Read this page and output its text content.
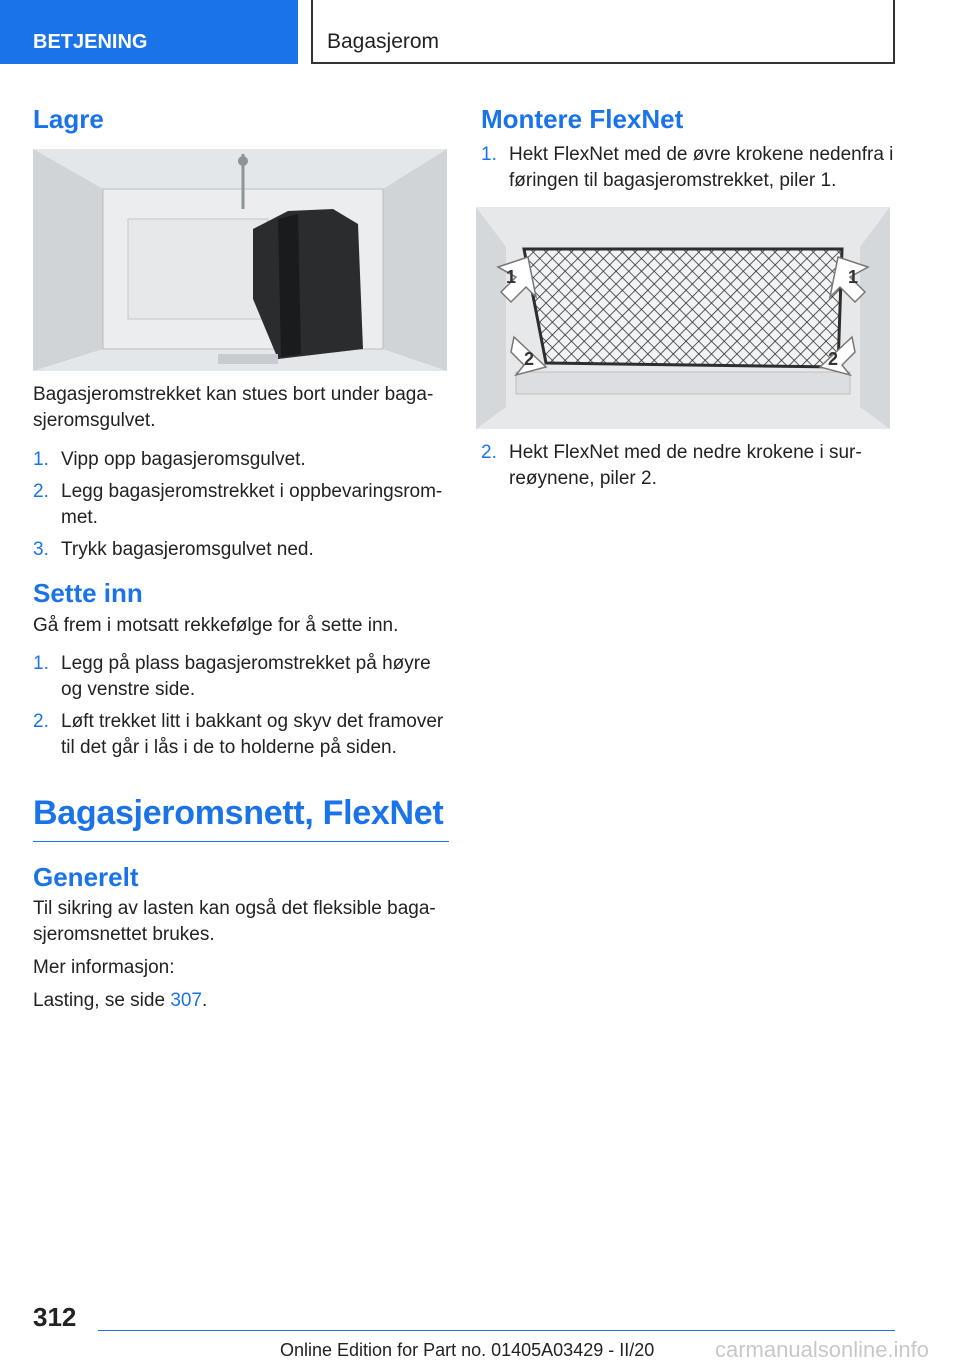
BETJENING	Bagasjerom
Lagre

Bagasjeromstrekket kan stues bort under baga-sjeromsgulvet.

1. Vipp opp bagasjeromsgulvet.
2. Legg bagasjeromstrekket i oppbevaringsrom-met.
3. Trykk bagasjeromsgulvet ned.
Sette inn

Gå frem i motsatt rekkefølge for å sette inn.

1. Legg på plass bagasjeromstrekket på høyre og venstre side.
2. Løft trekket litt i bakkant og skyv det framover til det går i lås i de to holderne på siden.
Bagasjeromsnett, FlexNet
Generelt

Til sikring av lasten kan også det fleksible baga-sjeromsnettet brukes.

Mer informasjon:

Lasting, se side 307.

Montere FlexNet
1. Hekt FlexNet med de øvre krokene nedenfra i føringen til bagasjeromstrekket, piler 1.
1	1
2	2
2. Hekt FlexNet med de nedre krokene i sur-reøynene, piler 2.
312
Online Edition for Part no. 01405A03429 - II/20	carmanualsonline.info
